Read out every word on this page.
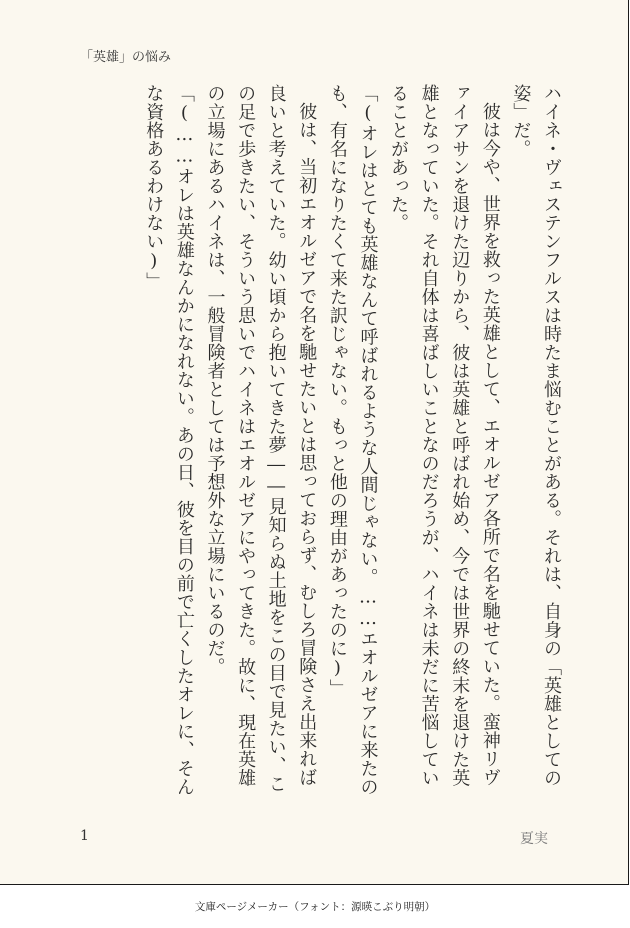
「英雄」の悩み

ハイネ・ヴェステンフルスは時たま悩むことがある。それは、自身の「英雄としての姿」だ。

彼は今や、世界を救った英雄として、エオルゼア各所で名を馳せていた。蛮神リヴァイアサンを退けた辺りから、彼は英雄と呼ばれ始め、今では世界の終末を退けた英雄となっていた。それ自体は喜ばしいことなのだろうが、ハイネは未だに苦悩していることがあった。

「(オレはとても英雄なんて呼ばれるような人間じゃない。……エオルゼアに来たのも、有名になりたくて来た訳じゃない。もっと他の理由があったのに)」

彼は、当初エオルゼアで名を馳せたいとは思っておらず、むしろ冒険さえ出来れば良いと考えていた。幼い頃から抱いてきた夢――見知らぬ土地をこの目で見たい、この足で歩きたい、そういう思いでハイネはエオルゼアにやってきた。故に、現在英雄の立場にあるハイネは、一般冒険者としては予想外な立場にいるのだ。

「(……オレは英雄なんかになれない。あの日、彼を目の前で亡くしたオレに、そんな資格あるわけない)」

1	夏実
文庫ページメーカー（フォント：源暎こぶり明朝）
